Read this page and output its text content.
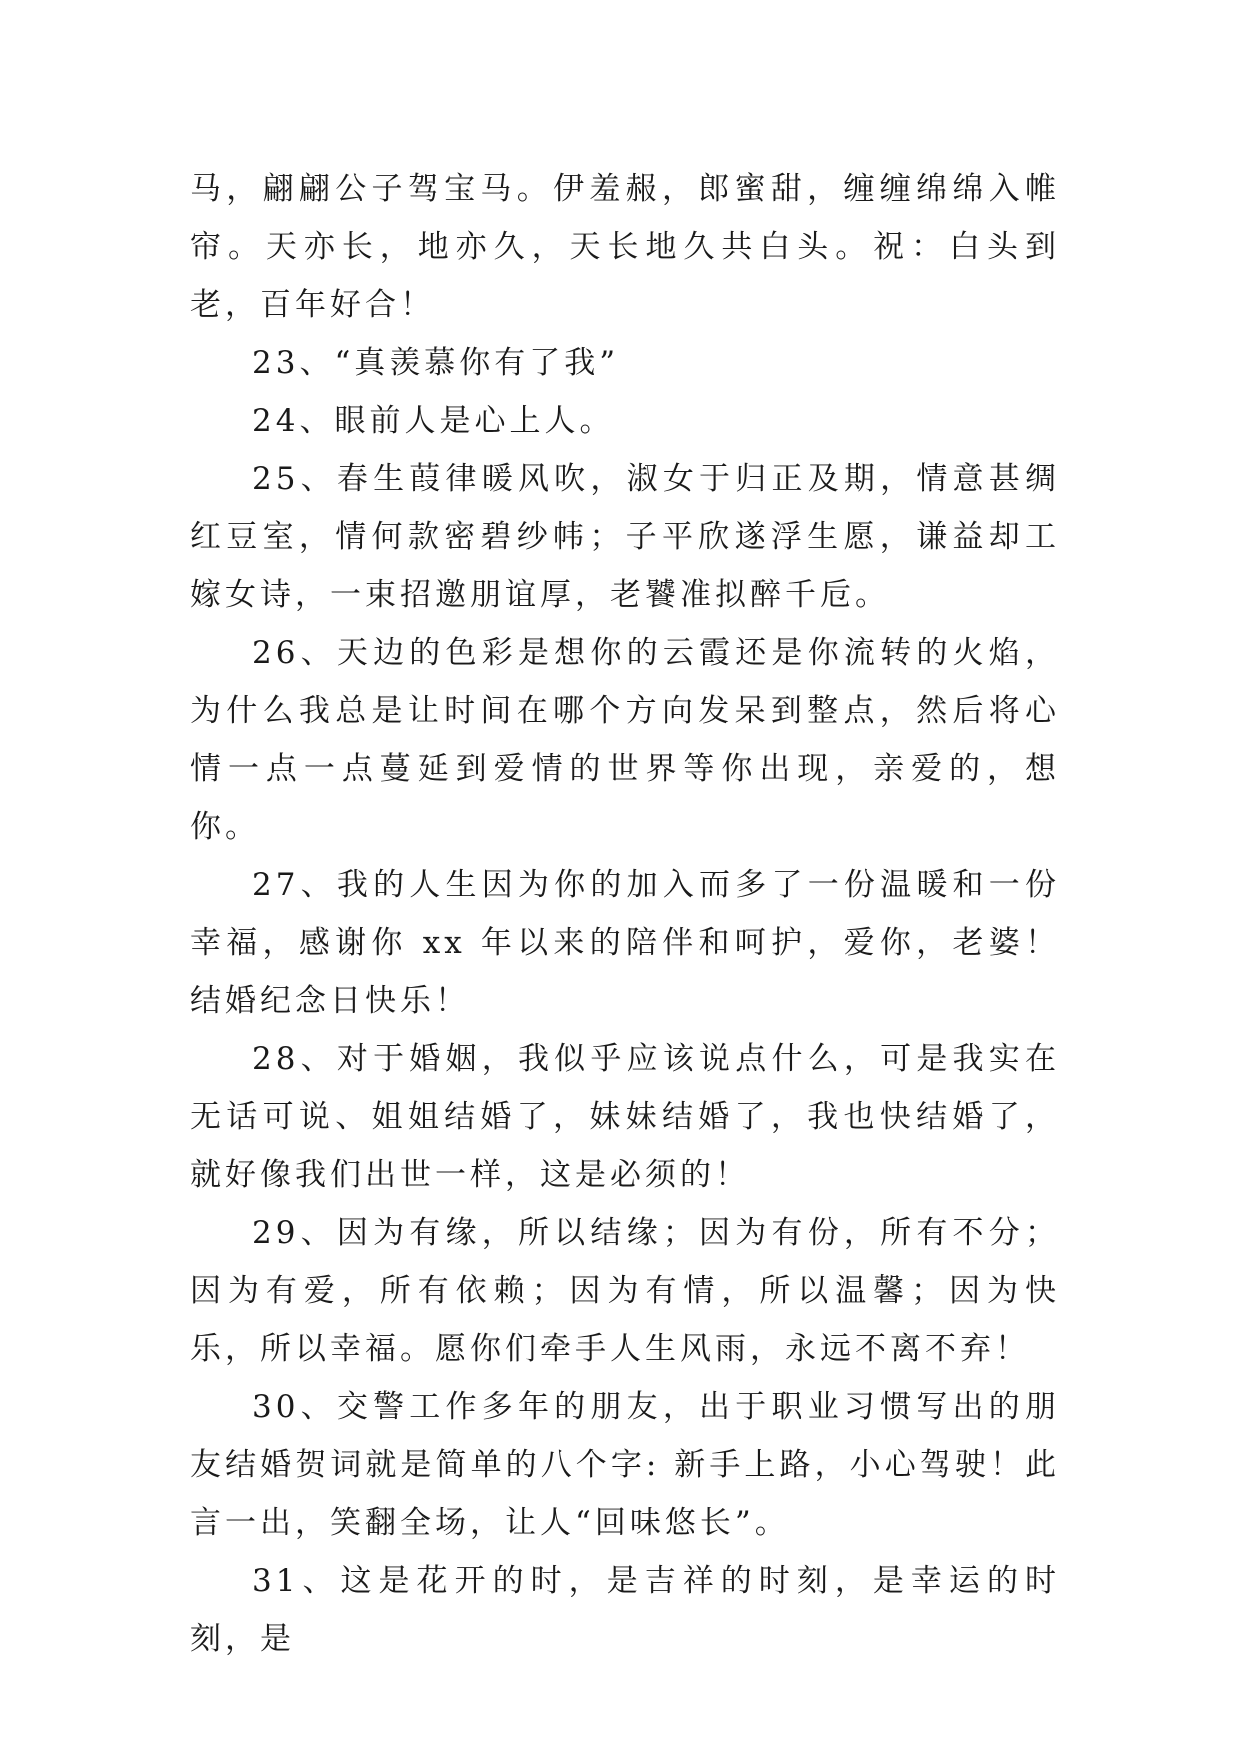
马，翩翩公子驾宝马。伊羞赧，郎蜜甜，缠缠绵绵入帷帘。天亦长，地亦久，天长地久共白头。祝：白头到老，百年好合！

23、“真羡慕你有了我”

24、眼前人是心上人。

25、春生葭律暖风吹，淑女于归正及期，情意甚绸红豆室，情何款密碧纱帏；子平欣遂浮生愿，谦益却工嫁女诗，一束招邀朋谊厚，老饕准拟醉千卮。

26、天边的色彩是想你的云霞还是你流转的火焰，为什么我总是让时间在哪个方向发呆到整点，然后将心情一点一点蔓延到爱情的世界等你出现，亲爱的，想你。

27、我的人生因为你的加入而多了一份温暖和一份幸福，感谢你 xx 年以来的陪伴和呵护，爱你，老婆！结婚纪念日快乐！

28、对于婚姻，我似乎应该说点什么，可是我实在无话可说、姐姐结婚了，妹妹结婚了，我也快结婚了，就好像我们出世一样，这是必须的！

29、因为有缘，所以结缘；因为有份，所有不分；因为有爱，所有依赖；因为有情，所以温馨；因为快乐，所以幸福。愿你们牵手人生风雨，永远不离不弃！

30、交警工作多年的朋友，出于职业习惯写出的朋友结婚贺词就是简单的八个字: 新手上路，小心驾驶！此言一出，笑翻全场，让人“回味悠长”。

31、这是花开的时，是吉祥的时刻，是幸运的时刻，是
